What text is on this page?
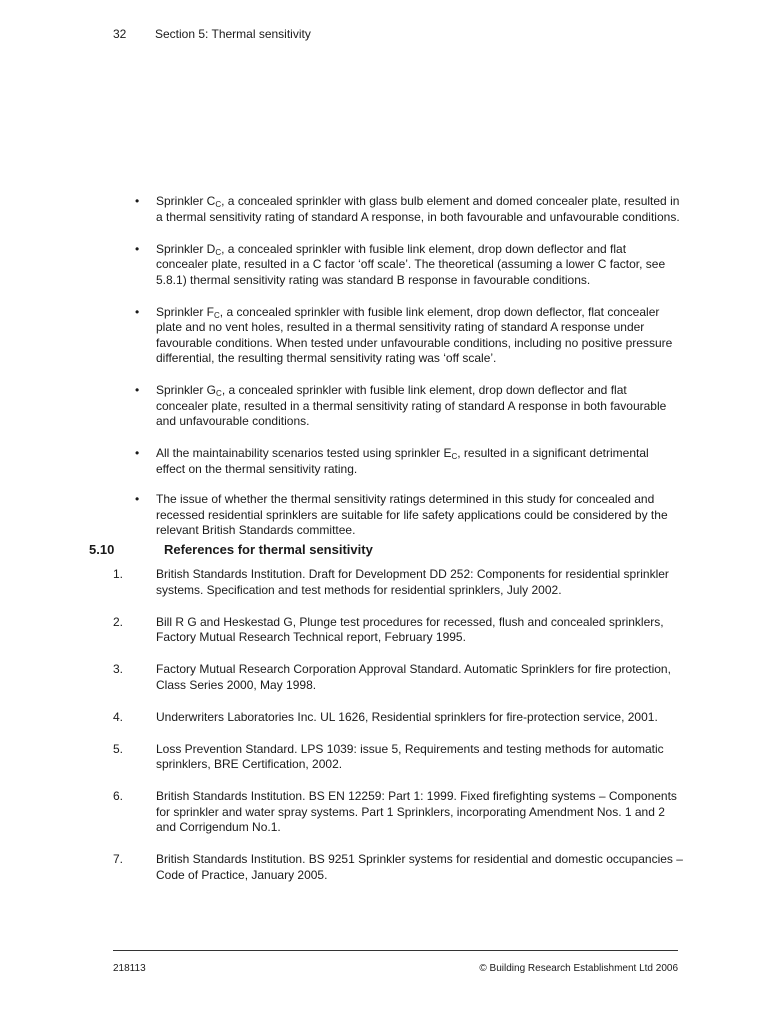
32 Section 5: Thermal sensitivity
• Sprinkler $C_C$, a concealed sprinkler with glass bulb element and domed concealer plate, resulted in a thermal sensitivity rating of standard A response, in both favourable and unfavourable conditions.
• Sprinkler $D_C$, a concealed sprinkler with fusible link element, drop down deflector and flat concealer plate, resulted in a C factor ‘off scale’. The theoretical (assuming a lower C factor, see 5.8.1) thermal sensitivity rating was standard B response in favourable conditions.
• Sprinkler $F_C$, a concealed sprinkler with fusible link element, drop down deflector, flat concealer plate and no vent holes, resulted in a thermal sensitivity rating of standard A response under favourable conditions. When tested under unfavourable conditions, including no positive pressure differential, the resulting thermal sensitivity rating was ‘off scale’.
• Sprinkler $G_C$, a concealed sprinkler with fusible link element, drop down deflector and flat concealer plate, resulted in a thermal sensitivity rating of standard A response in both favourable and unfavourable conditions.
• All the maintainability scenarios tested using sprinkler $E_C$, resulted in a significant detrimental effect on the thermal sensitivity rating.
• The issue of whether the thermal sensitivity ratings determined in this study for concealed and recessed residential sprinklers are suitable for life safety applications could be considered by the relevant British Standards committee.
5.10	References for thermal sensitivity
1.	British Standards Institution. Draft for Development DD 252: Components for residential sprinkler systems. Specification and test methods for residential sprinklers, July 2002.
2.	Bill R G and Heskestad G, Plunge test procedures for recessed, flush and concealed sprinklers, Factory Mutual Research Technical report, February 1995.
3.	Factory Mutual Research Corporation Approval Standard. Automatic Sprinklers for fire protection, Class Series 2000, May 1998.
4.	Underwriters Laboratories Inc. UL 1626, Residential sprinklers for fire-protection service, 2001.
5.	Loss Prevention Standard. LPS 1039: issue 5, Requirements and testing methods for automatic sprinklers, BRE Certification, 2002.
6.	British Standards Institution. BS EN 12259: Part 1: 1999. Fixed firefighting systems – Components for sprinkler and water spray systems. Part 1 Sprinklers, incorporating Amendment Nos. 1 and 2 and Corrigendum No.1.
7.	British Standards Institution. BS 9251 Sprinkler systems for residential and domestic occupancies – Code of Practice, January 2005.
218113	© Building Research Establishment Ltd 2006
